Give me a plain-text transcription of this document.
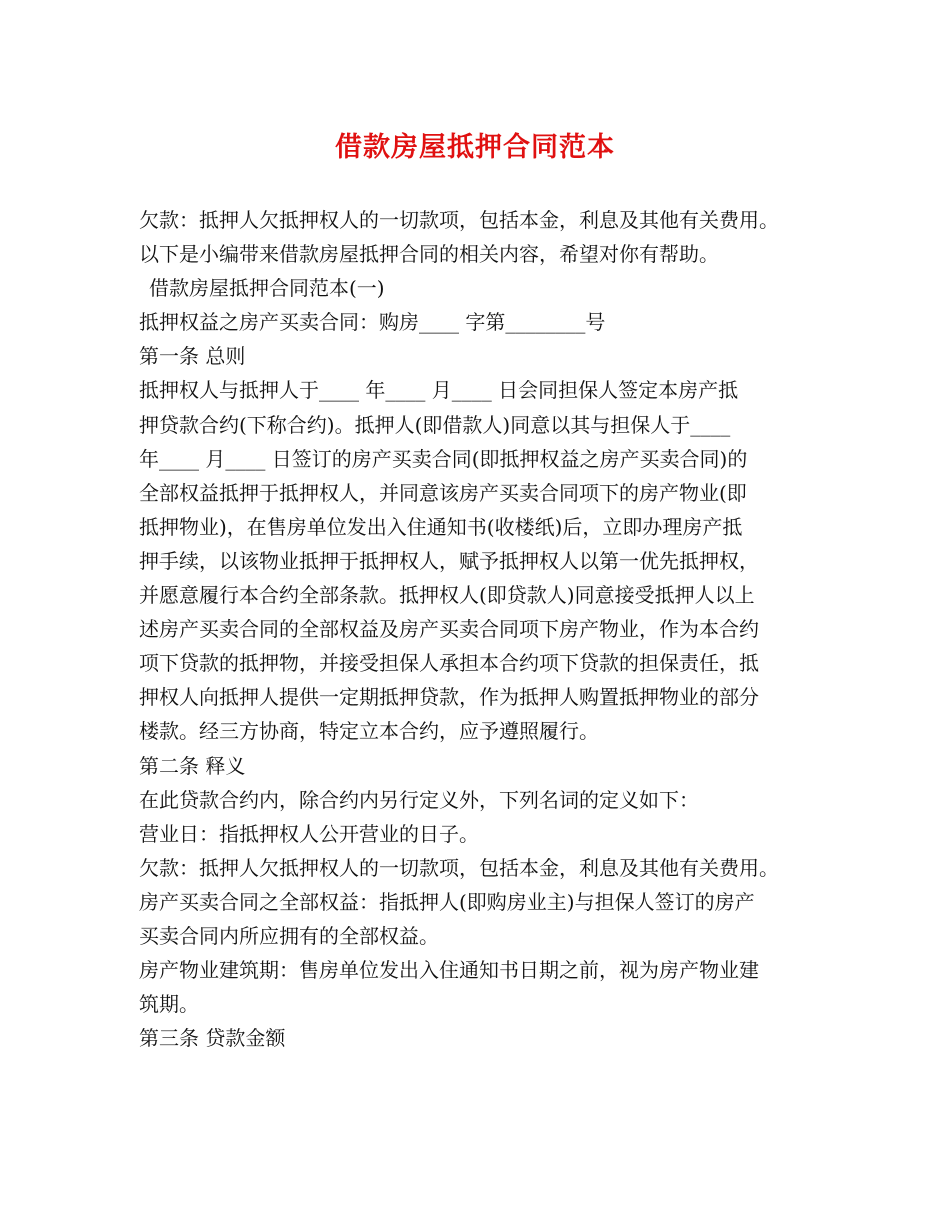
借款房屋抵押合同范本
欠款：抵押人欠抵押权人的一切款项，包括本金，利息及其他有关费用。
以下是小编带来借款房屋抵押合同的相关内容，希望对你有帮助。
借款房屋抵押合同范本(一)
抵押权益之房产买卖合同：购房____ 字第________号
第一条 总则
抵押权人与抵押人于____ 年____ 月____ 日会同担保人签定本房产抵
押贷款合约(下称合约)。抵押人(即借款人)同意以其与担保人于____
年____ 月____ 日签订的房产买卖合同(即抵押权益之房产买卖合同)的
全部权益抵押于抵押权人，并同意该房产买卖合同项下的房产物业(即
抵押物业)，在售房单位发出入住通知书(收楼纸)后，立即办理房产抵
押手续，以该物业抵押于抵押权人，赋予抵押权人以第一优先抵押权，
并愿意履行本合约全部条款。抵押权人(即贷款人)同意接受抵押人以上
述房产买卖合同的全部权益及房产买卖合同项下房产物业，作为本合约
项下贷款的抵押物，并接受担保人承担本合约项下贷款的担保责任，抵
押权人向抵押人提供一定期抵押贷款，作为抵押人购置抵押物业的部分
楼款。经三方协商，特定立本合约，应予遵照履行。
第二条 释义
在此贷款合约内，除合约内另行定义外，下列名词的定义如下：
营业日：指抵押权人公开营业的日子。
欠款：抵押人欠抵押权人的一切款项，包括本金，利息及其他有关费用。
房产买卖合同之全部权益：指抵押人(即购房业主)与担保人签订的房产
买卖合同内所应拥有的全部权益。
房产物业建筑期：售房单位发出入住通知书日期之前，视为房产物业建
筑期。
第三条 贷款金额
